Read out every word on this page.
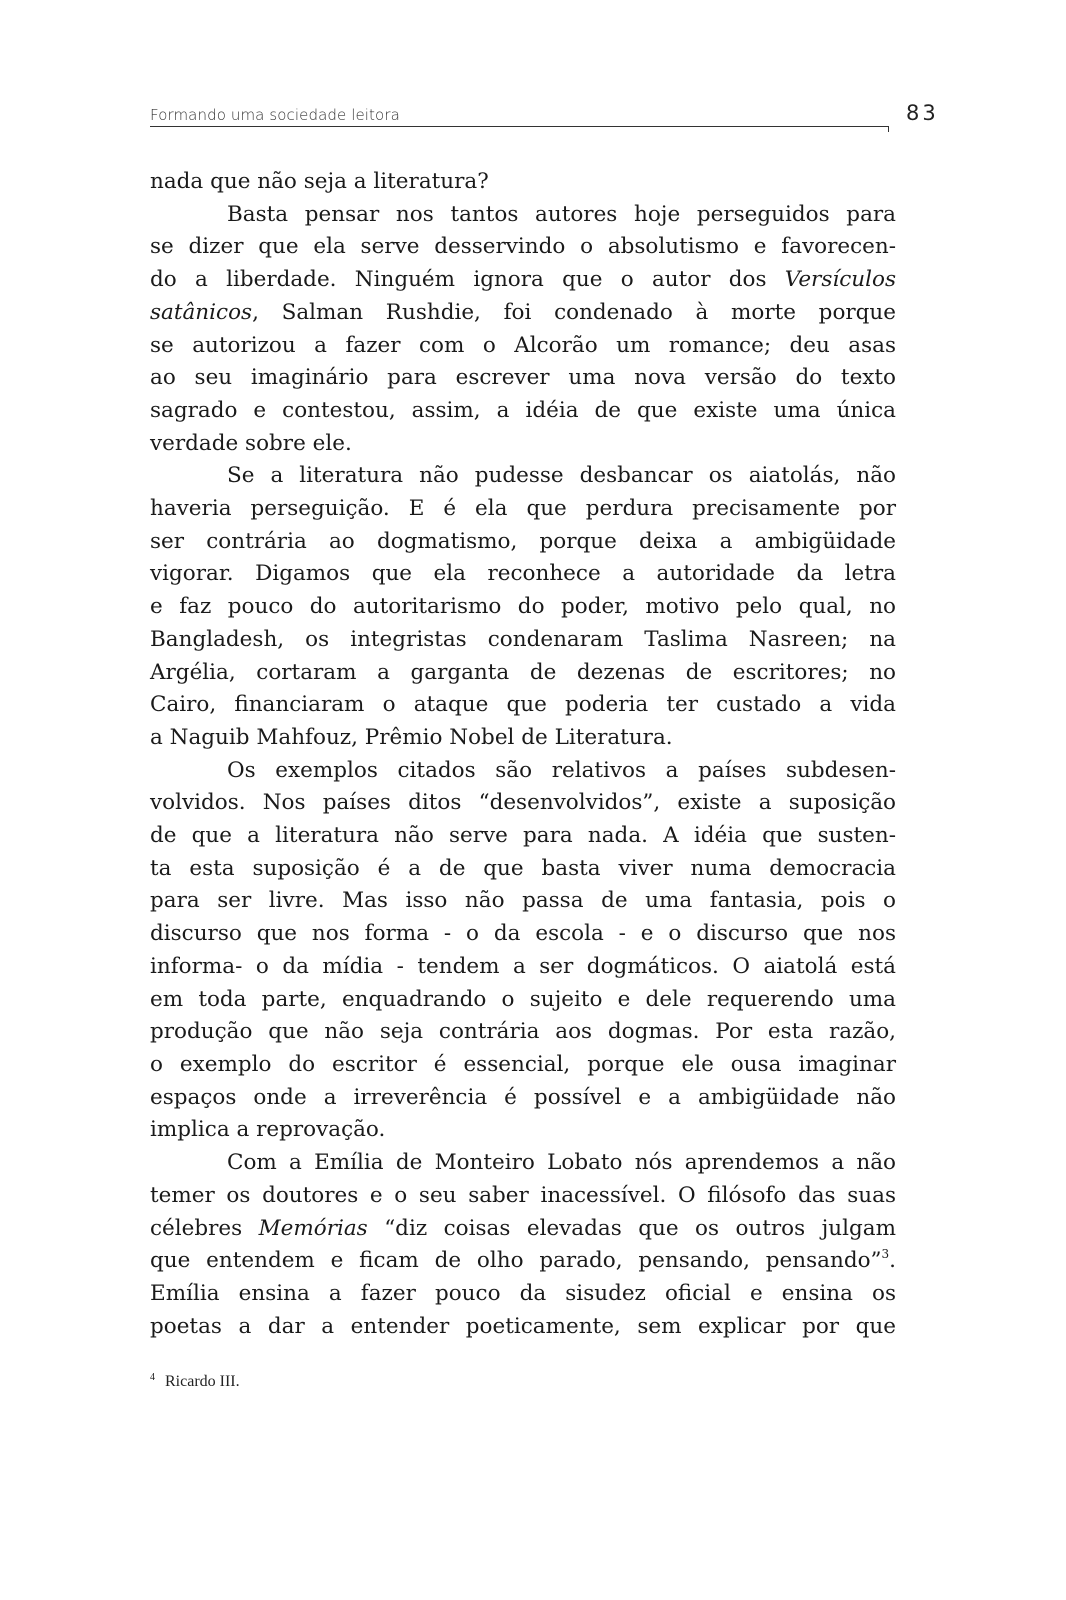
Formando uma sociedade leitora	83

nada que não seja a literatura?

Basta pensar nos tantos autores hoje perseguidos para
se dizer que ela serve desservindo o absolutismo e favorecen-
do a liberdade. Ninguém ignora que o autor dos Versículos
satânicos, Salman Rushdie, foi condenado à morte porque
se autorizou a fazer com o Alcorão um romance; deu asas
ao seu imaginário para escrever uma nova versão do texto
sagrado e contestou, assim, a idéia de que existe uma única
verdade sobre ele.

Se a literatura não pudesse desbancar os aiatolás, não
haveria perseguição. E é ela que perdura precisamente por
ser contrária ao dogmatismo, porque deixa a ambigüidade
vigorar. Digamos que ela reconhece a autoridade da letra
e faz pouco do autoritarismo do poder, motivo pelo qual, no
Bangladesh, os integristas condenaram Taslima Nasreen; na
Argélia, cortaram a garganta de dezenas de escritores; no
Cairo, financiaram o ataque que poderia ter custado a vida
a Naguib Mahfouz, Prêmio Nobel de Literatura.

Os exemplos citados são relativos a países subdesen-
volvidos. Nos países ditos “desenvolvidos”, existe a suposição
de que a literatura não serve para nada. A idéia que susten-
ta esta suposição é a de que basta viver numa democracia
para ser livre. Mas isso não passa de uma fantasia, pois o
discurso que nos forma - o da escola - e o discurso que nos
informa- o da mídia - tendem a ser dogmáticos. O aiatolá está
em toda parte, enquadrando o sujeito e dele requerendo uma
produção que não seja contrária aos dogmas. Por esta razão,
o exemplo do escritor é essencial, porque ele ousa imaginar
espaços onde a irreverência é possível e a ambigüidade não
implica a reprovação.

Com a Emília de Monteiro Lobato nós aprendemos a não
temer os doutores e o seu saber inacessível. O filósofo das suas
célebres Memórias “diz coisas elevadas que os outros julgam
que entendem e ficam de olho parado, pensando, pensando”$^3$.
Emília ensina a fazer pouco da sisudez oficial e ensina os
poetas a dar a entender poeticamente, sem explicar por que

$^4$ Ricardo III.
